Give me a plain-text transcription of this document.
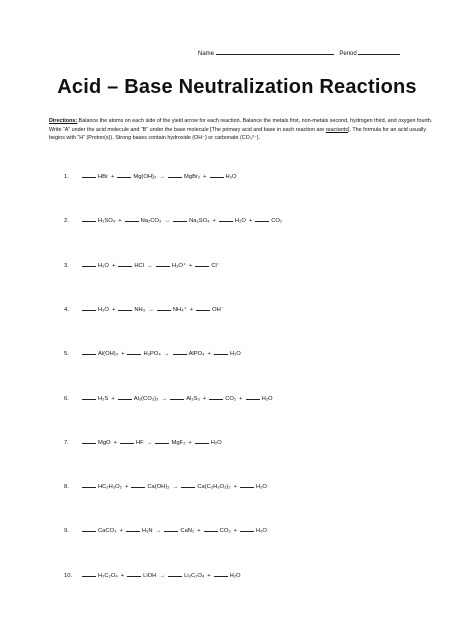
Name	Period
Acid – Base Neutralization Reactions
Directions: Balance the atoms on each side of the yield arrow for each reaction. Balance the metals first, non-metals second, hydrogen third, and oxygen fourth. Write “A” under the acid molecule and “B” under the base molecule [The primary acid and base in each reaction are reactants]. The formula for an acid usually begins with “H” (Proton(s)). Strong bases contain hydroxide (OH⁻) or carbonate (CO₃²⁻).
1.	HBr +	Mg(OH)₂ →	MgBr₂ +	H₂O
2.	H₂SO₄ +	Na₂CO₃ →	Na₂SO₄ +	H₂O +	CO₂
3.	H₂O +	HCl →	H₃O⁺ +	Cl⁻
4.	H₂O +	NH₃ →	NH₄⁺ +	OH⁻
5.	Al(OH)₃ +	H₃PO₄ →	AlPO₄ +	H₂O
6.	H₂S +	Al₂(CO₃)₃ →	Al₂S₃ +	CO₂ +	H₂O
7.	MgO +	HF →	MgF₂ +	H₂O
8.	HC₂H₃O₂ +	Ca(OH)₂ →	Ca(C₂H₃O₂)₂ +	H₂O
9.	CaCO₃ +	H₃N →	CaN₂ +	CO₂ +	H₂O
10.	H₂C₂O₄ +	LiOH →	Li₂C₂O₄ +	H₂O
